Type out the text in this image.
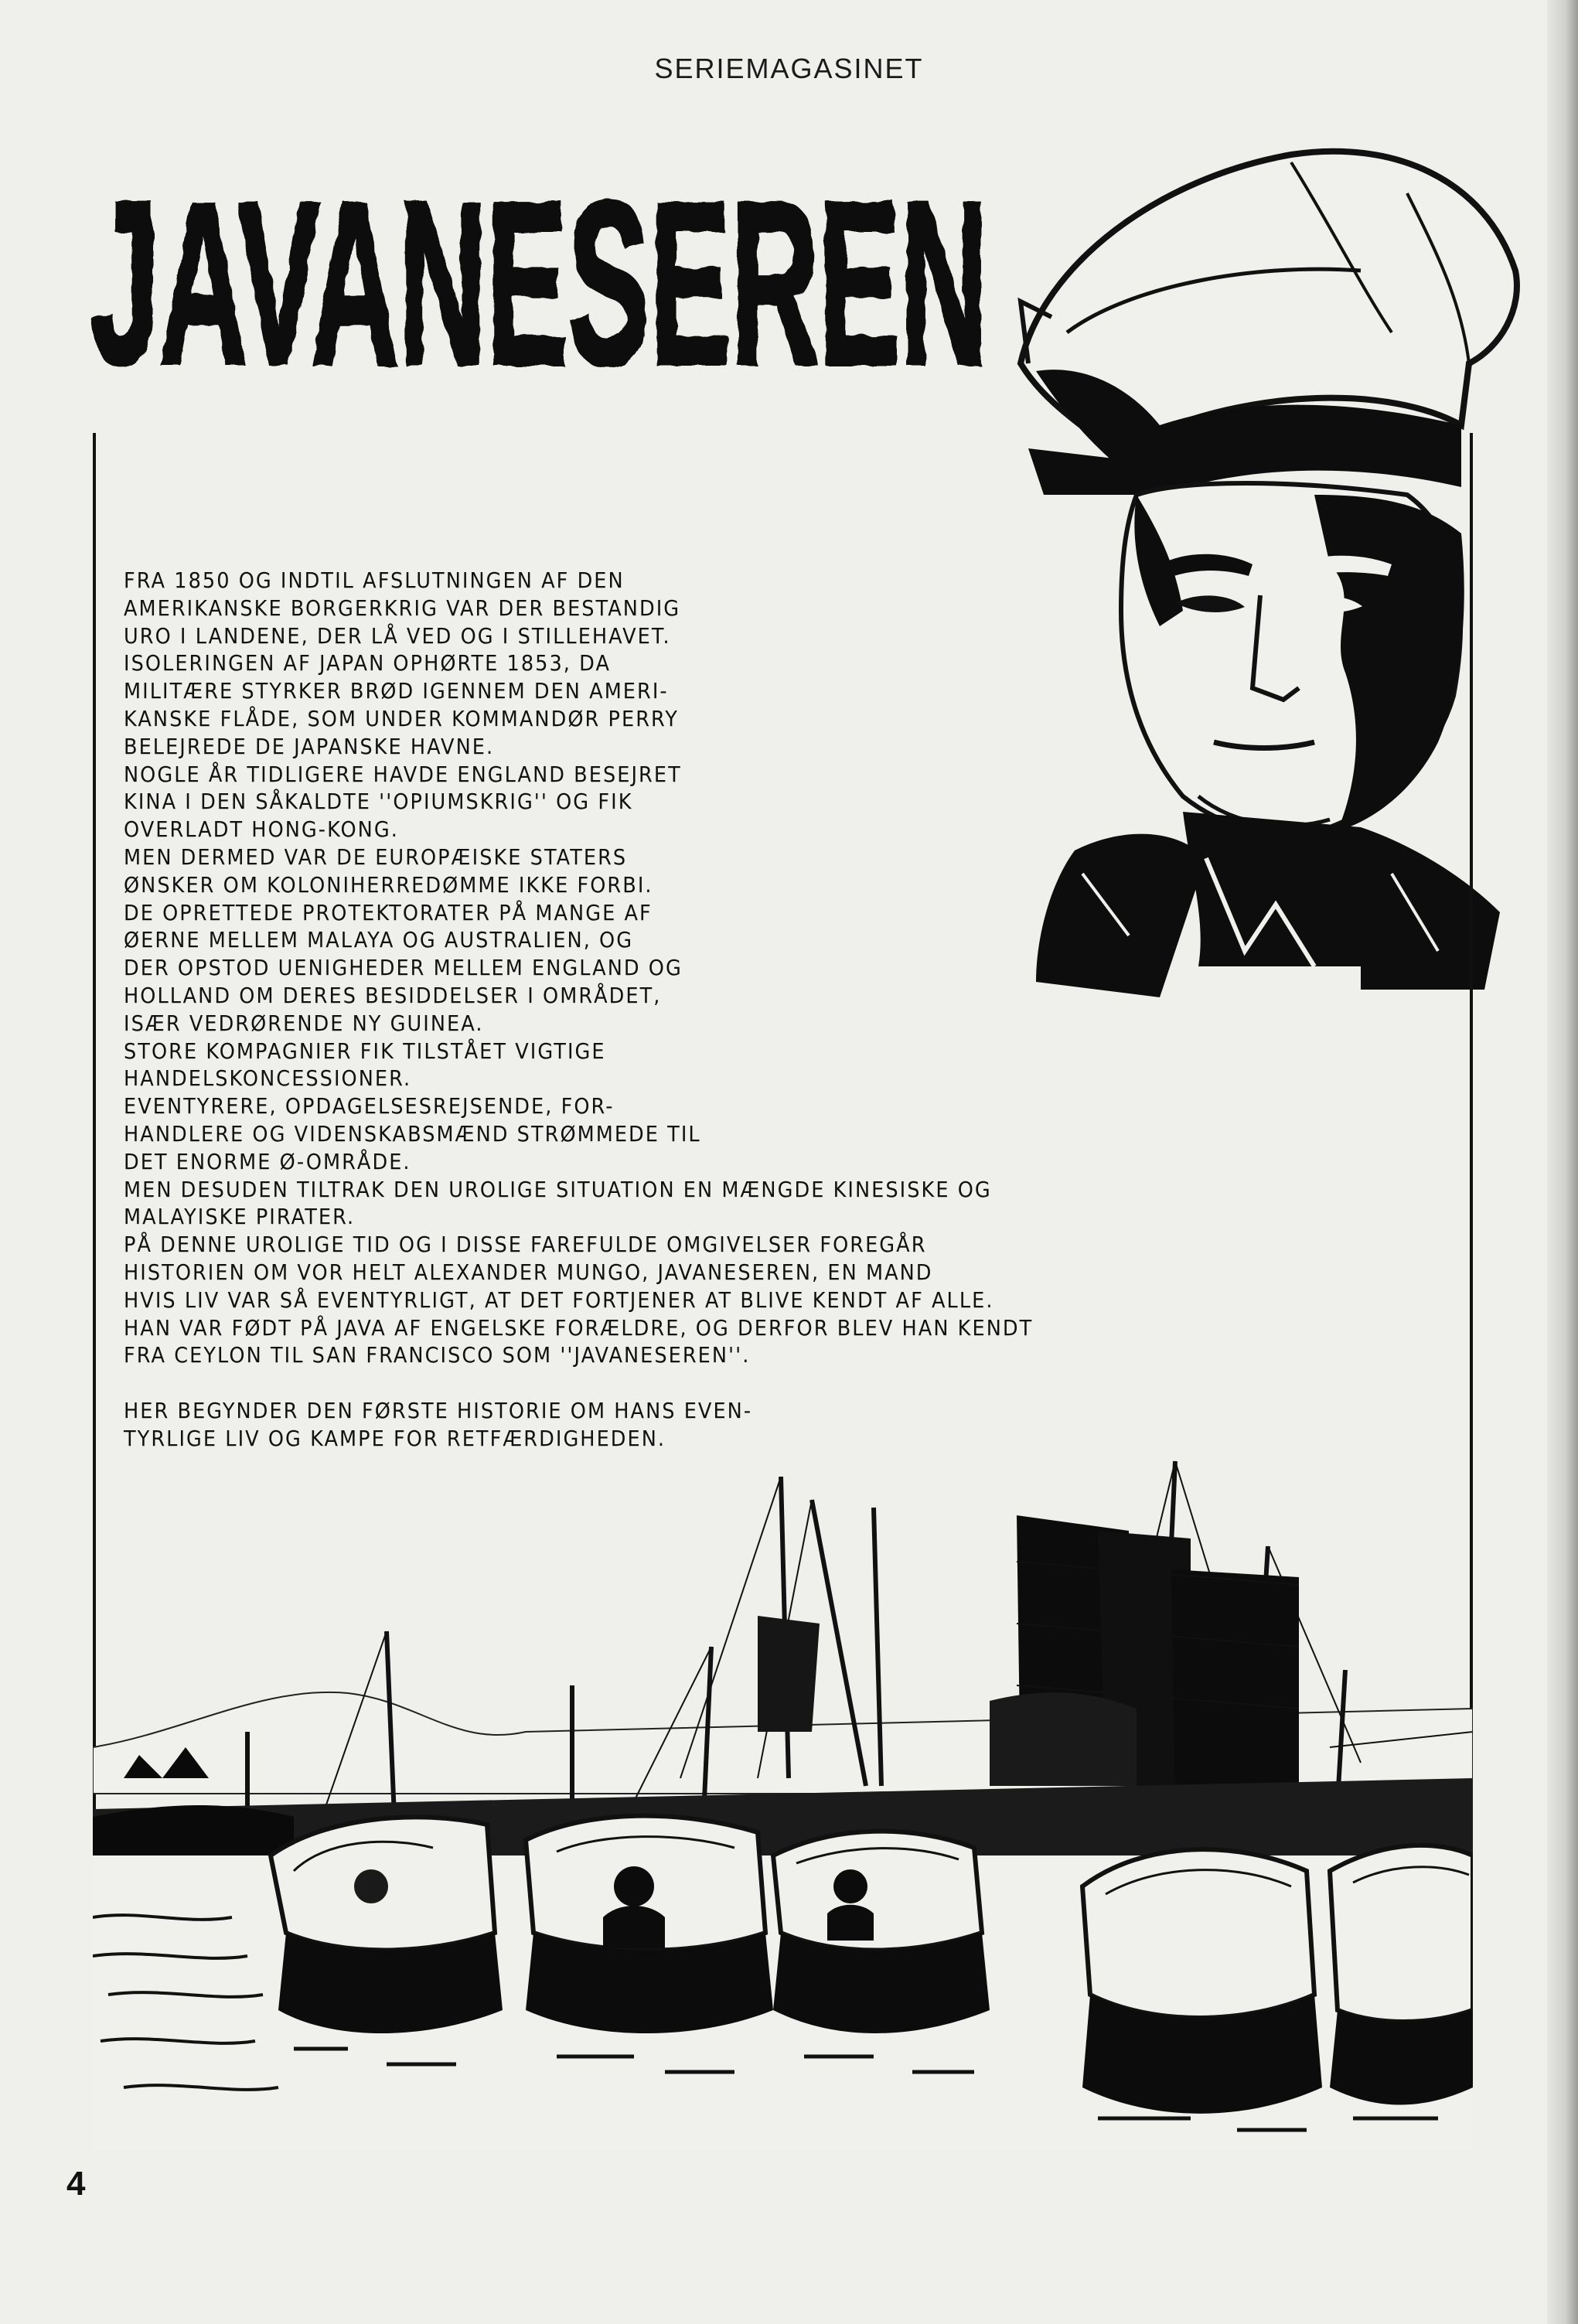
SERIEMAGASINET
JAVANESEREN
FRA 1850 OG INDTIL AFSLUTNINGEN AF DEN
AMERIKANSKE BORGERKRIG VAR DER BESTANDIG
URO I LANDENE, DER LÅ VED OG I STILLEHAVET.
ISOLERINGEN AF JAPAN OPHØRTE 1853, DA
MILITÆRE STYRKER BRØD IGENNEM DEN AMERI-
KANSKE FLÅDE, SOM UNDER KOMMANDØR PERRY
BELEJREDE DE JAPANSKE HAVNE.
NOGLE ÅR TIDLIGERE HAVDE ENGLAND BESEJRET
KINA I DEN SÅKALDTE ''OPIUMSKRIG'' OG FIK
OVERLADT HONG-KONG.
MEN DERMED VAR DE EUROPÆISKE STATERS
ØNSKER OM KOLONIHERREDØMME IKKE FORBI.
DE OPRETTEDE PROTEKTORATER PÅ MANGE AF
ØERNE MELLEM MALAYA OG AUSTRALIEN, OG
DER OPSTOD UENIGHEDER MELLEM ENGLAND OG
HOLLAND OM DERES BESIDDELSER I OMRÅDET,
ISÆR VEDRØRENDE NY GUINEA.
STORE KOMPAGNIER FIK TILSTÅET VIGTIGE
HANDELSKONCESSIONER.
EVENTYRERE, OPDAGELSESREJSENDE, FOR-
HANDLERE OG VIDENSKABSMÆND STRØMMEDE TIL
DET ENORME Ø-OMRÅDE.
MEN DESUDEN TILTRAK DEN UROLIGE SITUATION EN MÆNGDE KINESISKE OG
MALAYISKE PIRATER.
PÅ DENNE UROLIGE TID OG I DISSE FAREFULDE OMGIVELSER FOREGÅR
HISTORIEN OM VOR HELT ALEXANDER MUNGO, JAVANESEREN, EN MAND
HVIS LIV VAR SÅ EVENTYRLIGT, AT DET FORTJENER AT BLIVE KENDT AF ALLE.
HAN VAR FØDT PÅ JAVA AF ENGELSKE FORÆLDRE, OG DERFOR BLEV HAN KENDT
FRA CEYLON TIL SAN FRANCISCO SOM ''JAVANESEREN''.
HER BEGYNDER DEN FØRSTE HISTORIE OM HANS EVEN-
TYRLIGE LIV OG KAMPE FOR RETFÆRDIGHEDEN.
4
